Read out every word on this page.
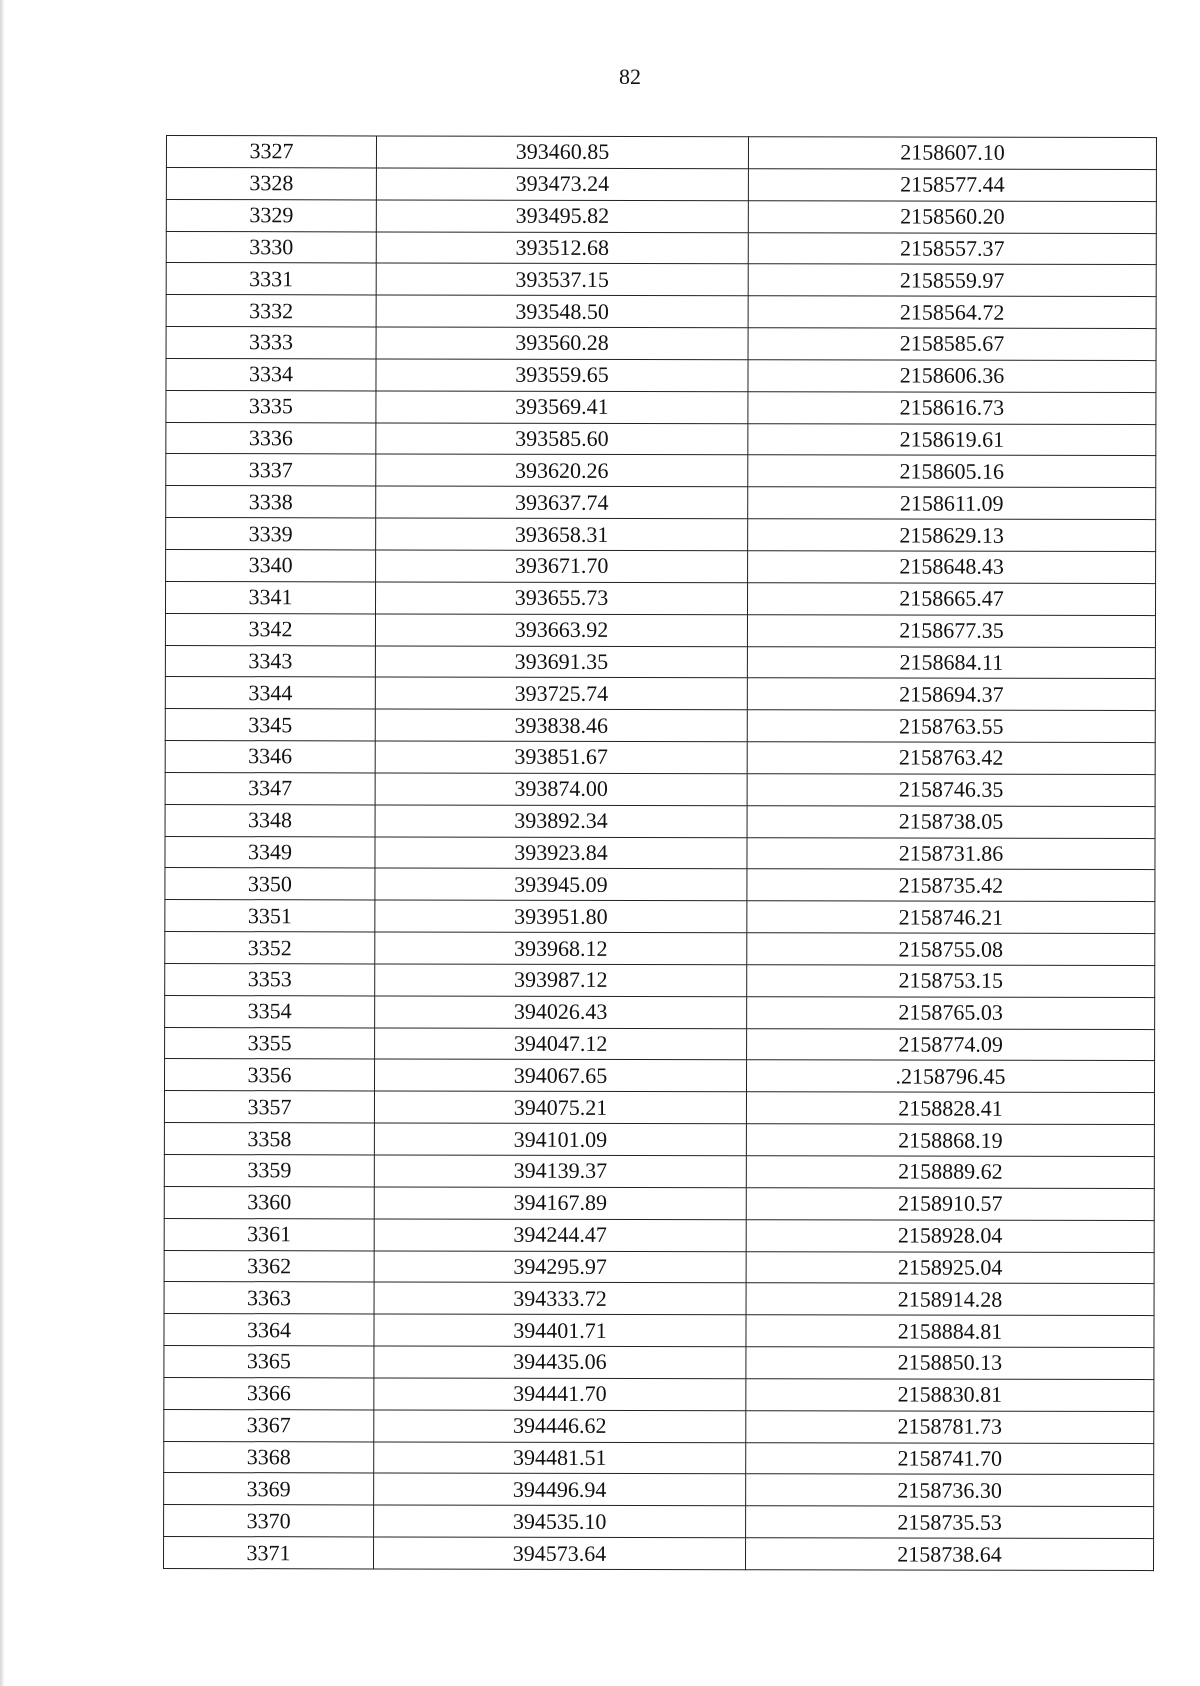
82
3327	393460.85	2158607.10
3328	393473.24	2158577.44
3329	393495.82	2158560.20
3330	393512.68	2158557.37
3331	393537.15	2158559.97
3332	393548.50	2158564.72
3333	393560.28	2158585.67
3334	393559.65	2158606.36
3335	393569.41	2158616.73
3336	393585.60	2158619.61
3337	393620.26	2158605.16
3338	393637.74	2158611.09
3339	393658.31	2158629.13
3340	393671.70	2158648.43
3341	393655.73	2158665.47
3342	393663.92	2158677.35
3343	393691.35	2158684.11
3344	393725.74	2158694.37
3345	393838.46	2158763.55
3346	393851.67	2158763.42
3347	393874.00	2158746.35
3348	393892.34	2158738.05
3349	393923.84	2158731.86
3350	393945.09	2158735.42
3351	393951.80	2158746.21
3352	393968.12	2158755.08
3353	393987.12	2158753.15
3354	394026.43	2158765.03
3355	394047.12	2158774.09
3356	394067.65	.2158796.45
3357	394075.21	2158828.41
3358	394101.09	2158868.19
3359	394139.37	2158889.62
3360	394167.89	2158910.57
3361	394244.47	2158928.04
3362	394295.97	2158925.04
3363	394333.72	2158914.28
3364	394401.71	2158884.81
3365	394435.06	2158850.13
3366	394441.70	2158830.81
3367	394446.62	2158781.73
3368	394481.51	2158741.70
3369	394496.94	2158736.30
3370	394535.10	2158735.53
3371	394573.64	2158738.64
